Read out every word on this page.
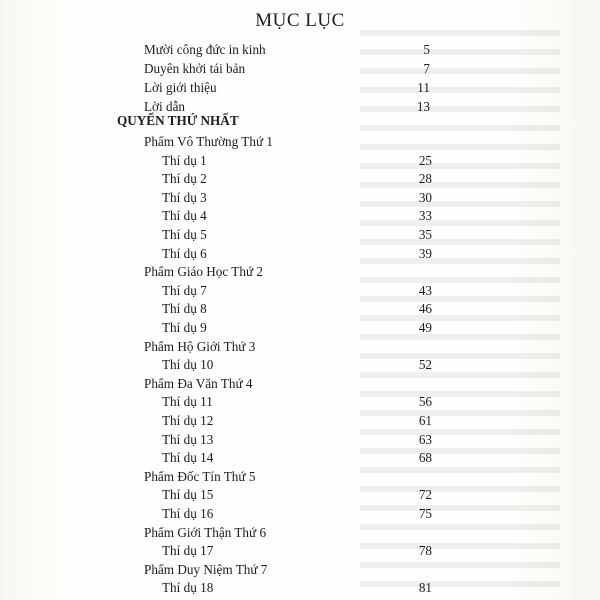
MỤC LỤC
Mười công đức in kinh	5
Duyên khởi tái bản	7
Lời giới thiệu	11
Lời dẫn	13
QUYỂN THỨ NHẤT
Phẩm Vô Thường Thứ 1
Thí dụ 1	25
Thí dụ 2	28
Thí dụ 3	30
Thí dụ 4	33
Thí dụ 5	35
Thí dụ 6	39
Phẩm Giáo Học Thứ 2
Thí dụ 7	43
Thí dụ 8	46
Thí dụ 9	49
Phẩm Hộ Giới Thứ 3
Thí dụ 10	52
Phẩm Đa Văn Thứ 4
Thí dụ 11	56
Thí dụ 12	61
Thí dụ 13	63
Thí dụ 14	68
Phẩm Đốc Tín Thứ 5
Thí dụ 15	72
Thí dụ 16	75
Phẩm Giới Thận Thứ 6
Thí dụ 17	78
Phẩm Duy Niệm Thứ 7
Thí dụ 18	81
